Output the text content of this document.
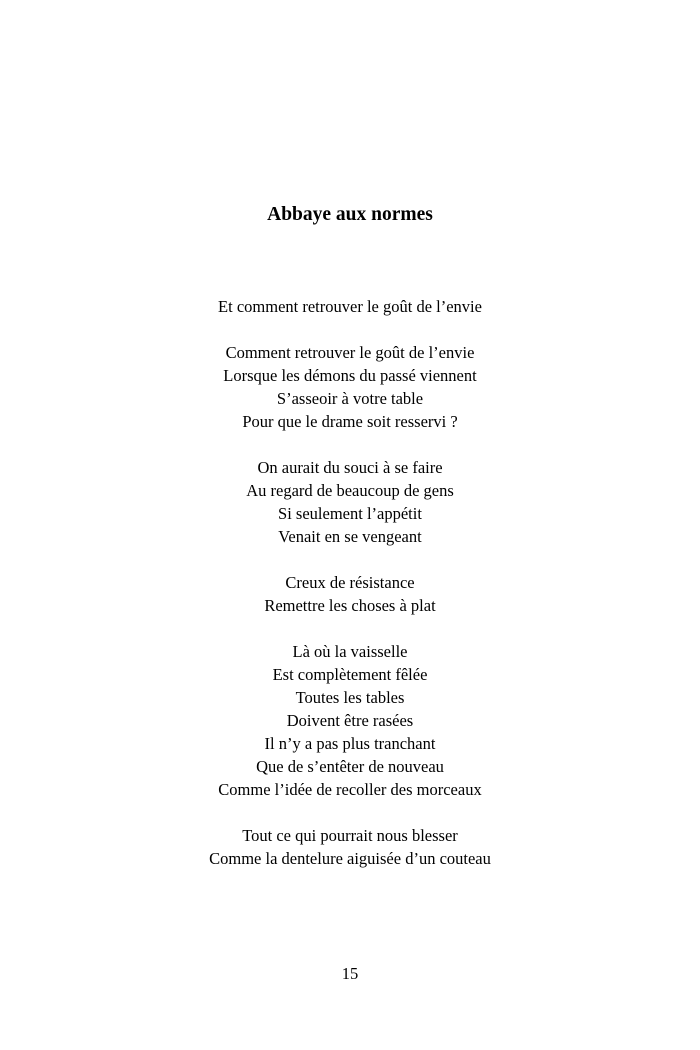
Abbaye aux normes
Et comment retrouver le goût de l’envie
Comment retrouver le goût de l’envie
Lorsque les démons du passé viennent
S’asseoir à votre table
Pour que le drame soit resservi ?
On aurait du souci à se faire
Au regard de beaucoup de gens
Si seulement l’appétit
Venait en se vengeant
Creux de résistance
Remettre les choses à plat
Là où la vaisselle
Est complètement fêlée
Toutes les tables
Doivent être rasées
Il n’y a pas plus tranchant
Que de s’entêter de nouveau
Comme l’idée de recoller des morceaux
Tout ce qui pourrait nous blesser
Comme la dentelure aiguisée d’un couteau
15
